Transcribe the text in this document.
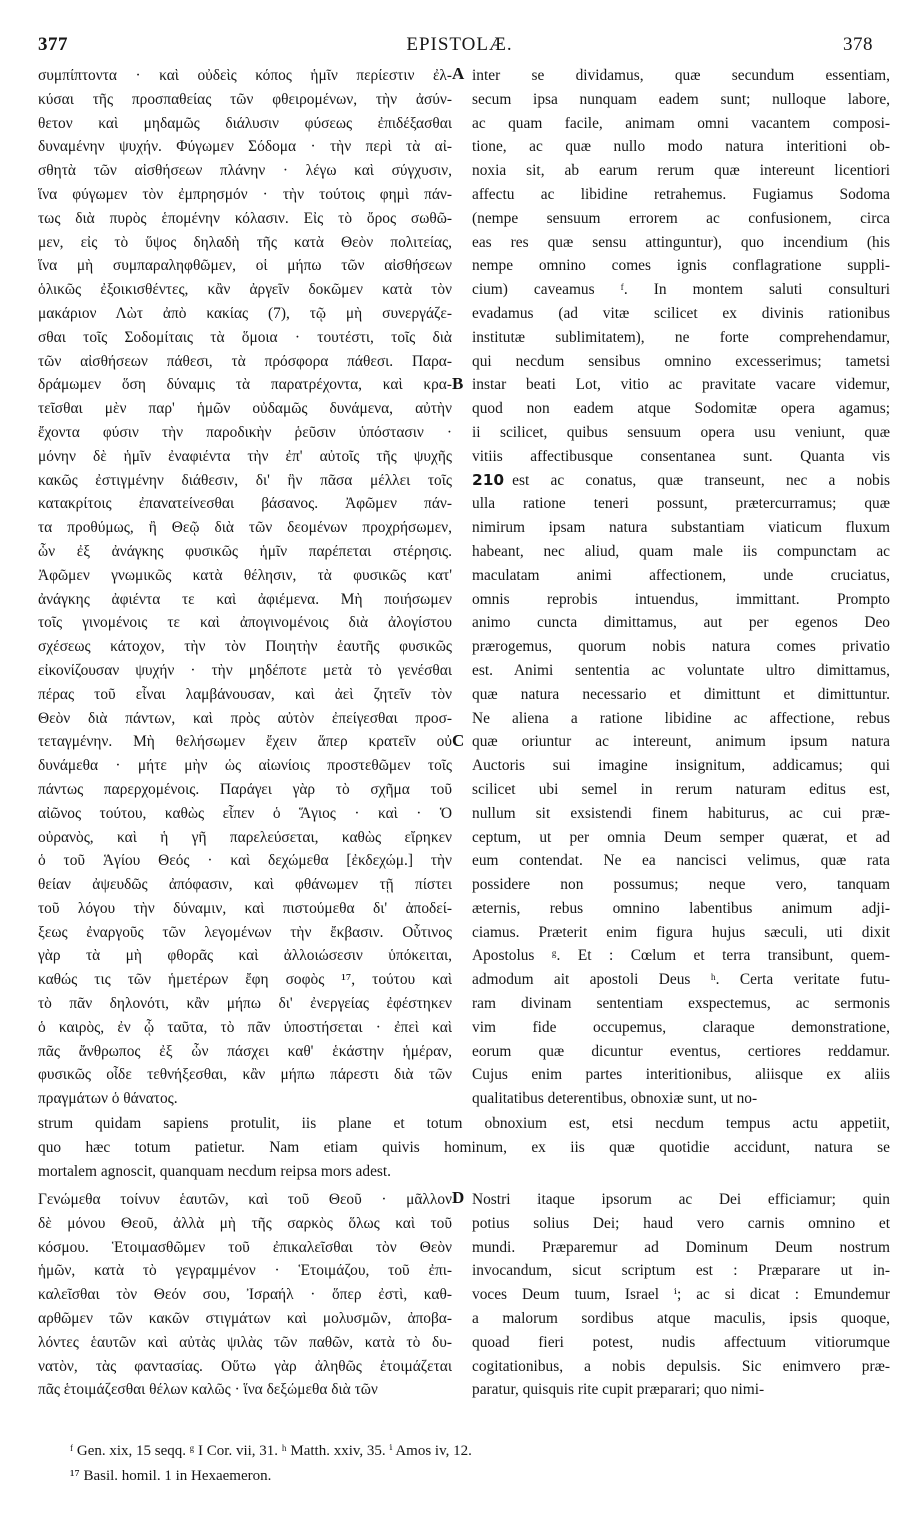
377	EPISTOLÆ.	378
συμπίπτοντα · καὶ οὐδεὶς κόπος ἡμῖν περίεστιν ἐλ-
κύσαι τῆς προσπαθείας τῶν φθειρομένων, τὴν ἀσύν-
θετον καὶ μηδαμῶς διάλυσιν φύσεως ἐπιδέξασθαι
δυναμένην ψυχήν. Φύγωμεν Σόδομα · τὴν περὶ τὰ αἰ-
σθητὰ τῶν αἰσθήσεων πλάνην · λέγω καὶ σύγχυσιν,
ἵνα φύγωμεν τὸν ἐμπρησμόν · τὴν τούτοις φημὶ πάν-
τως διὰ πυρὸς ἑπομένην κόλασιν. Εἰς τὸ ὄρος σωθῶ-
μεν, εἰς τὸ ὕψος δηλαδὴ τῆς κατὰ Θεὸν πολιτείας,
ἵνα μὴ συμπαραληφθῶμεν, οἱ μήπω τῶν αἰσθήσεων
ὁλικῶς ἐξοικισθέντες, κἂν ἀργεῖν δοκῶμεν κατὰ τὸν
μακάριον Λὼτ ἀπὸ κακίας (7), τῷ μὴ συνεργάζε-
σθαι τοῖς Σοδομίταις τὰ ὅμοια · τουτέστι, τοῖς διὰ
τῶν αἰσθήσεων πάθεσι, τὰ πρόσφορα πάθεσι. Παρα-
δράμωμεν ὅση δύναμις τὰ παρατρέχοντα, καὶ κρα-
τεῖσθαι μὲν παρ' ἡμῶν οὐδαμῶς δυνάμενα, αὐτὴν
ἔχοντα φύσιν τὴν παροδικὴν ῥεῦσιν ὑπόστασιν ·
μόνην δὲ ἡμῖν ἐναφιέντα τὴν ἐπ' αὐτοῖς τῆς ψυχῆς
κακῶς ἐστιγμένην διάθεσιν, δι' ἣν πᾶσα μέλλει τοῖς
κατακρίτοις ἐπανατείνεσθαι βάσανος. Ἀφῶμεν πάν-
τα προθύμως, ἢ Θεῷ διὰ τῶν δεομένων προχρήσωμεν,
ὧν ἐξ ἀνάγκης φυσικῶς ἡμῖν παρέπεται στέρησις.
Ἀφῶμεν γνωμικῶς κατὰ θέλησιν, τὰ φυσικῶς κατ'
ἀνάγκης ἀφιέντα τε καὶ ἀφιέμενα. Μὴ ποιήσωμεν
τοῖς γινομένοις τε καὶ ἀπογινομένοις διὰ ἀλογίστου
σχέσεως κάτοχον, τὴν τὸν Ποιητὴν ἑαυτῆς φυσικῶς
εἰκονίζουσαν ψυχήν · τὴν μηδέποτε μετὰ τὸ γενέσθαι
πέρας τοῦ εἶναι λαμβάνουσαν, καὶ ἀεὶ ζητεῖν τὸν
Θεὸν διὰ πάντων, καὶ πρὸς αὐτὸν ἐπείγεσθαι προσ-
τεταγμένην. Μὴ θελήσωμεν ἔχειν ἅπερ κρατεῖν οὐ
δυνάμεθα · μήτε μὴν ὡς αἰωνίοις προστεθῶμεν τοῖς
πάντως παρερχομένοις. Παράγει γὰρ τὸ σχῆμα τοῦ
αἰῶνος τούτου, καθὼς εἶπεν ὁ Ἅγιος · καὶ · Ὁ
οὐρανὸς, καὶ ἡ γῆ παρελεύσεται, καθὼς εἴρηκεν
ὁ τοῦ Ἁγίου Θεός · καὶ δεχώμεθα [ἐκδεχώμ.] τὴν
θείαν ἀψευδῶς ἀπόφασιν, καὶ φθάνωμεν τῇ πίστει
τοῦ λόγου τὴν δύναμιν, καὶ πιστούμεθα δι' ἀποδεί-
ξεως ἐναργοῦς τῶν λεγομένων τὴν ἔκβασιν. Οὗτινος
γὰρ τὰ μὴ φθορᾶς καὶ ἀλλοιώσεσιν ὑπόκειται,
καθώς τις τῶν ἡμετέρων ἔφη σοφὸς ¹⁷, τούτου καὶ
τὸ πᾶν δηλονότι, κἂν μήπω δι' ἐνεργείας ἐφέστηκεν
ὁ καιρὸς, ἐν ᾧ ταῦτα, τὸ πᾶν ὑποστήσεται · ἐπεὶ καὶ
πᾶς ἄνθρωπος ἐξ ὧν πάσχει καθ' ἑκάστην ἡμέραν,
φυσικῶς οἶδε τεθνήξεσθαι, κἂν μήπω πάρεστι διὰ τῶν
πραγμάτων ὁ θάνατος.
inter se dividamus, quæ secundum essentiam,
secum ipsa nunquam eadem sunt; nulloque labore,
ac quam facile, animam omni vacantem composi-
tione, ac quæ nullo modo natura interitioni ob-
noxia sit, ab earum rerum quæ intereunt licentiori
affectu ac libidine retrahemus. Fugiamus Sodoma
(nempe sensuum errorem ac confusionem, circa
eas res quæ sensu attinguntur), quo incendium (his
nempe omnino comes ignis conflagratione suppli-
cium) caveamus ᶠ. In montem saluti consulturi
evadamus (ad vitæ scilicet ex divinis rationibus
institutæ sublimitatem), ne forte comprehendamur,
qui necdum sensibus omnino excesserimus; tametsi
instar beati Lot, vitio ac pravitate vacare videmur,
quod non eadem atque Sodomitæ opera agamus;
ii scilicet, quibus sensuum opera usu veniunt, quæ
vitiis affectibusque consentanea sunt. Quanta vis
210 est ac conatus, quæ transeunt, nec a nobis
ulla ratione teneri possunt, prætercurramus; quæ
nimirum ipsam natura substantiam viaticum fluxum
habeant, nec aliud, quam male iis compunctam ac
maculatam animi affectionem, unde cruciatus,
omnis reprobis intuendus, immittant. Prompto
animo cuncta dimittamus, aut per egenos Deo
prærogemus, quorum nobis natura comes privatio
est. Animi sententia ac voluntate ultro dimittamus,
quæ natura necessario et dimittunt et dimittuntur.
Ne aliena a ratione libidine ac affectione, rebus
quæ oriuntur ac intereunt, animum ipsum natura
Auctoris sui imagine insignitum, addicamus; qui
scilicet ubi semel in rerum naturam editus est,
nullum sit exsistendi finem habiturus, ac cui præ-
ceptum, ut per omnia Deum semper quærat, et ad
eum contendat. Ne ea nancisci velimus, quæ rata
possidere non possumus; neque vero, tanquam
æternis, rebus omnino labentibus animum adji-
ciamus. Præterit enim figura hujus sæculi, uti dixit
Apostolus ᵍ. Et : Cœlum et terra transibunt, quem-
admodum ait apostoli Deus ʰ. Certa veritate futu-
ram divinam sententiam exspectemus, ac sermonis
vim fide occupemus, claraque demonstratione,
eorum quæ dicuntur eventus, certiores reddamur.
Cujus enim partes interitionibus, aliisque ex aliis
qualitatibus deterentibus, obnoxiæ sunt, ut no-
A
B
C
D
strum quidam sapiens protulit, iis plane et totum obnoxium est, etsi necdum tempus actu appetiit,
quo hæc totum patietur. Nam etiam quivis hominum, ex iis quæ quotidie accidunt, natura se
mortalem agnoscit, quanquam necdum reipsa mors adest.
Γενώμεθα τοίνυν ἑαυτῶν, καὶ τοῦ Θεοῦ · μᾶλλον
δὲ μόνου Θεοῦ, ἀλλὰ μὴ τῆς σαρκὸς ὅλως καὶ τοῦ
κόσμου. Ἑτοιμασθῶμεν τοῦ ἐπικαλεῖσθαι τὸν Θεὸν
ἡμῶν, κατὰ τὸ γεγραμμένον · Ἑτοιμάζου, τοῦ ἐπι-
καλεῖσθαι τὸν Θεόν σου, Ἰσραήλ · ὅπερ ἐστὶ, καθ-
αρθῶμεν τῶν κακῶν στιγμάτων καὶ μολυσμῶν, ἀποβα-
λόντες ἑαυτῶν καὶ αὐτὰς ψιλὰς τῶν παθῶν, κατὰ τὸ δυ-
νατὸν, τὰς φαντασίας. Οὕτω γὰρ ἀληθῶς ἑτοιμάζεται
πᾶς ἑτοιμάζεσθαι θέλων καλῶς · ἵνα δεξώμεθα διὰ τῶν
Nostri itaque ipsorum ac Dei efficiamur; quin
potius solius Dei; haud vero carnis omnino et
mundi. Præparemur ad Dominum Deum nostrum
invocandum, sicut scriptum est : Præparare ut in-
voces Deum tuum, Israel ⁱ; ac si dicat : Emundemur
a malorum sordibus atque maculis, ipsis quoque,
quoad fieri potest, nudis affectuum vitiorumque
cogitationibus, a nobis depulsis. Sic enimvero præ-
paratur, quisquis rite cupit præparari; quo nimi-
ᶠ Gen. xix, 15 seqq. ᵍ I Cor. vii, 31. ʰ Matth. xxiv, 35. ⁱ Amos iv, 12.
¹⁷ Basil. homil. 1 in Hexaemeron.
